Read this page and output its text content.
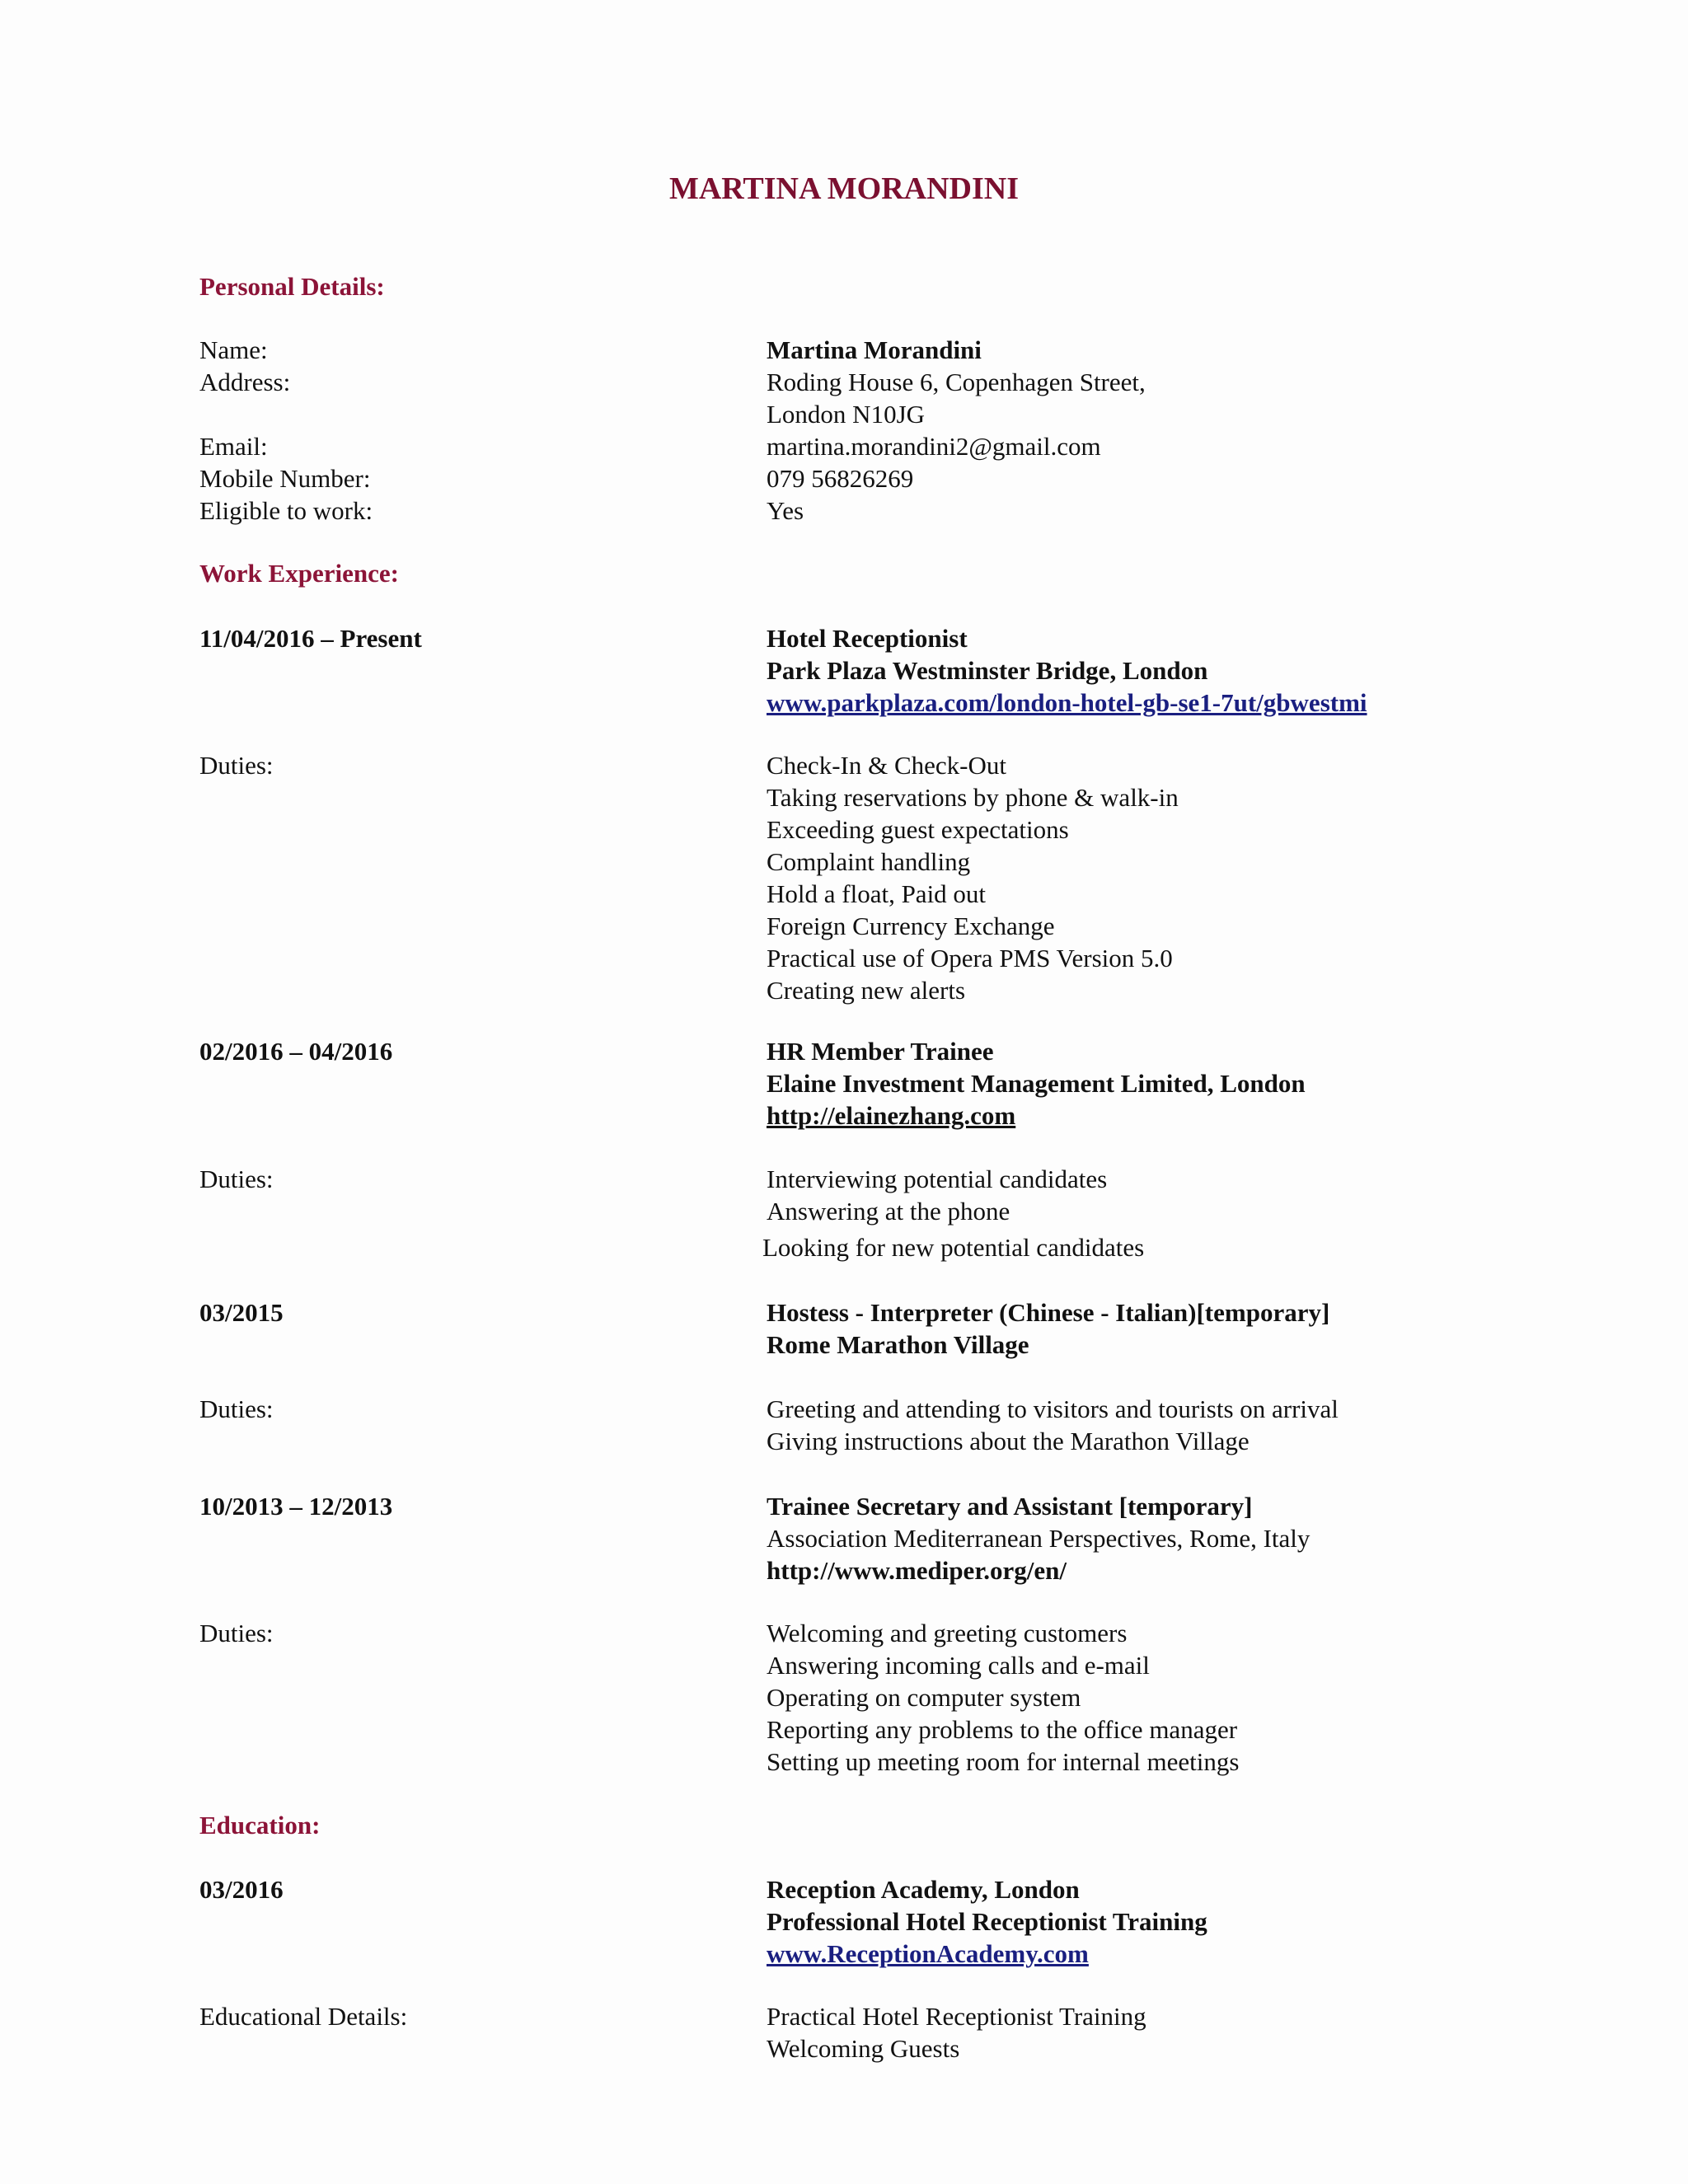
MARTINA MORANDINI
Personal Details:
Name:	Martina Morandini
Address:	Roding House 6, Copenhagen Street,
London N10JG
Email:	martina.morandini2@gmail.com
Mobile Number:	079 56826269
Eligible to work:	Yes
Work Experience:
11/04/2016 – Present	Hotel Receptionist
Park Plaza Westminster Bridge, London
www.parkplaza.com/london-hotel-gb-se1-7ut/gbwestmi
Duties:	Check-In & Check-Out
Taking reservations by phone & walk-in
Exceeding guest expectations
Complaint handling
Hold a float, Paid out
Foreign Currency Exchange
Practical use of Opera PMS Version 5.0
Creating new alerts
02/2016 – 04/2016	HR Member Trainee
Elaine Investment Management Limited, London
http://elainezhang.com
Duties:	Interviewing potential candidates
Answering at the phone
Looking for new potential candidates
03/2015	Hostess - Interpreter (Chinese - Italian)[temporary]
Rome Marathon Village
Duties:	Greeting and attending to visitors and tourists on arrival
Giving instructions about the Marathon Village
10/2013 – 12/2013	Trainee Secretary and Assistant [temporary]
Association Mediterranean Perspectives, Rome, Italy
http://www.mediper.org/en/
Duties:	Welcoming and greeting customers
Answering incoming calls and e-mail
Operating on computer system
Reporting any problems to the office manager
Setting up meeting room for internal meetings
Education:
03/2016	Reception Academy, London
Professional Hotel Receptionist Training
www.ReceptionAcademy.com
Educational Details:	Practical Hotel Receptionist Training
Welcoming Guests
